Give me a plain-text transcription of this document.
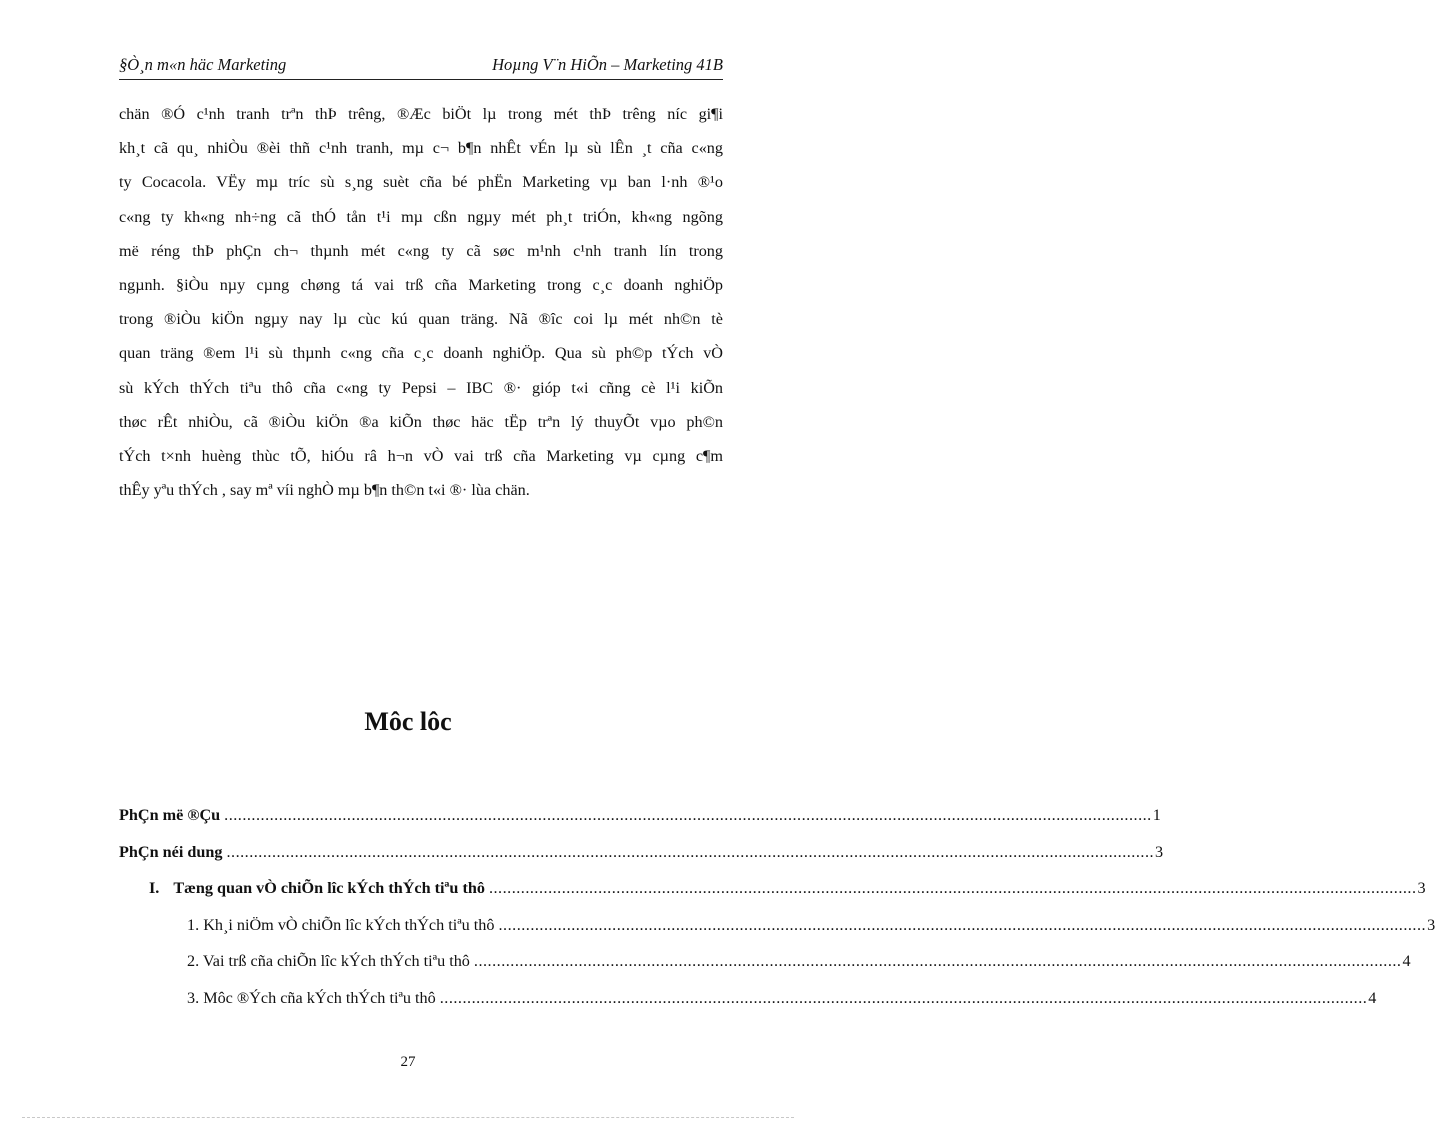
§Ò¸n m«n häc Marketing	Hoµng V¨n HiÕn – Marketing 41B
chän ®Ó c¹nh tranh trªn thÞ trêng, ®Æc biÖt lµ trong mét thÞ trêng níc gi¶i
kh¸t cã qu¸ nhiÒu ®èi thñ c¹nh tranh, mµ c¬ b¶n nhÊt vÉn lµ sù lÊn ¸t cña c«ng
ty Cocacola. VËy mµ tríc sù s¸ng suèt cña bé phËn Marketing vµ ban l·nh ®¹o
c«ng ty kh«ng nh÷ng cã thÓ tån t¹i mµ cßn ngµy mét ph¸t triÓn, kh«ng ngõng
më réng thÞ phÇn ch¬ thµnh mét c«ng ty cã søc m¹nh c¹nh tranh lín trong
ngµnh. §iÒu nµy cµng chøng tá vai trß cña Marketing trong c¸c doanh nghiÖp
trong ®iÒu kiÖn ngµy nay lµ cùc kú quan träng. Nã ®îc coi lµ mét nh©n tè
quan träng ®em l¹i sù thµnh c«ng cña c¸c doanh nghiÖp. Qua sù ph©p tÝch vÒ
sù kÝch thÝch tiªu thô cña c«ng ty Pepsi – IBC ®· gióp t«i cñng cè l¹i kiÕn
thøc rÊt nhiÒu, cã ®iÒu kiÖn ®a kiÕn thøc häc tËp trªn lý thuyÕt vµo ph©n
tÝch t×nh huèng thùc tÕ, hiÓu râ h¬n vÒ vai trß cña Marketing vµ cµng c¶m
thÊy yªu thÝch , say mª víi nghÒ mµ b¶n th©n t«i ®· lùa chän.
Môc lôc
PhÇn më ®Çu ............................................................................................................................................................................................................ 1
PhÇn néi dung ............................................................................................................................................................................................................ 3
I. Tæng quan vÒ chiÕn lîc kÝch thÝch tiªu thô ............................................................................................................................................................................................................ 3
1. Kh¸i niÖm vÒ chiÕn lîc kÝch thÝch tiªu thô ............................................................................................................................................................................................................ 3
2. Vai trß cña chiÕn lîc kÝch thÝch tiªu thô ............................................................................................................................................................................................................ 4
3. Môc ®Ých cña kÝch thÝch tiªu thô ............................................................................................................................................................................................................ 4
27
